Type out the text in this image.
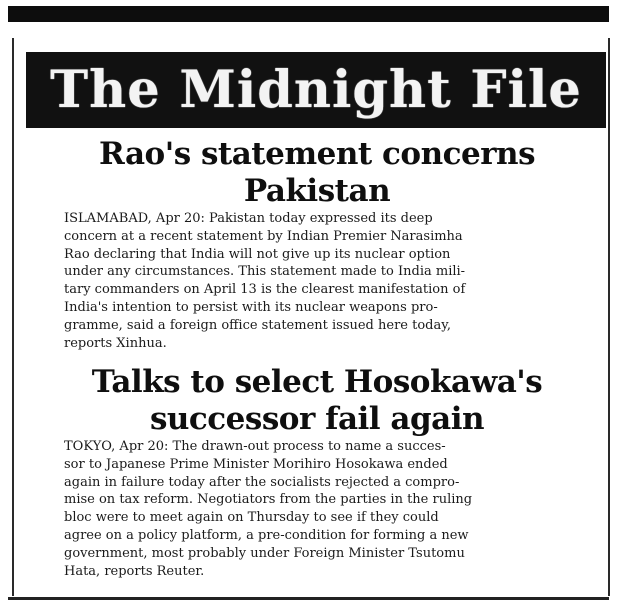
The Midnight File
Rao's statement concerns
Pakistan
ISLAMABAD, Apr 20: Pakistan today expressed its deep
concern at a recent statement by Indian Premier Narasimha
Rao declaring that India will not give up its nuclear option
under any circumstances. This statement made to India mili-
tary commanders on April 13 is the clearest manifestation of
India's intention to persist with its nuclear weapons pro-
gramme, said a foreign office statement issued here today,
reports Xinhua.
Talks to select Hosokawa's
successor fail again
TOKYO, Apr 20: The drawn-out process to name a succes-
sor to Japanese Prime Minister Morihiro Hosokawa ended
again in failure today after the socialists rejected a compro-
mise on tax reform. Negotiators from the parties in the ruling
bloc were to meet again on Thursday to see if they could
agree on a policy platform, a pre-condition for forming a new
government, most probably under Foreign Minister Tsutomu
Hata, reports Reuter.
